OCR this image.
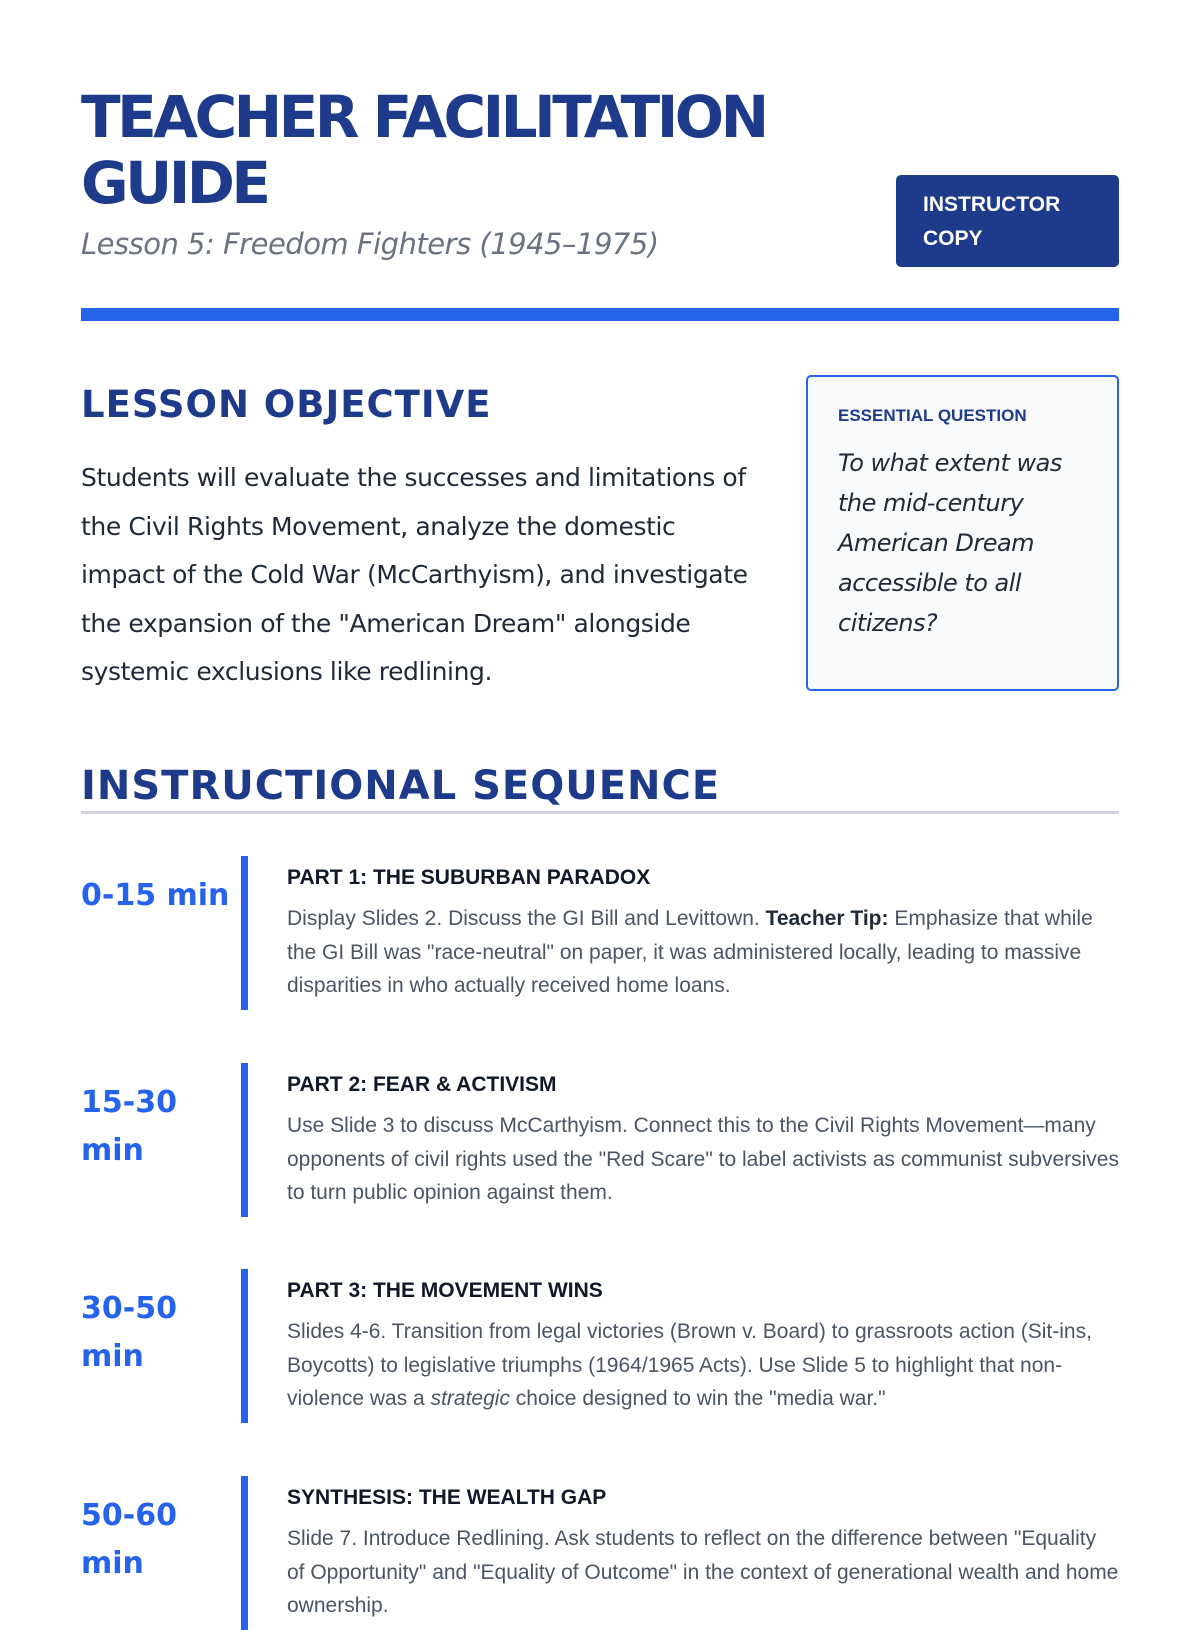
TEACHER FACILITATION GUIDE
Lesson 5: Freedom Fighters (1945–1975)
INSTRUCTOR COPY
LESSON OBJECTIVE

Students will evaluate the successes and limitations of the Civil Rights Movement, analyze the domestic impact of the Cold War (McCarthyism), and investigate the expansion of the "American Dream" alongside systemic exclusions like redlining.

ESSENTIAL QUESTION
To what extent was the mid-century American Dream accessible to all citizens?
INSTRUCTIONAL SEQUENCE
0-15 min
PART 1: THE SUBURBAN PARADOX

Display Slides 2. Discuss the GI Bill and Levittown. Teacher Tip: Emphasize that while the GI Bill was "race-neutral" on paper, it was administered locally, leading to massive disparities in who actually received home loans.

15-30 min
PART 2: FEAR & ACTIVISM

Use Slide 3 to discuss McCarthyism. Connect this to the Civil Rights Movement—many opponents of civil rights used the "Red Scare" to label activists as communist subversives to turn public opinion against them.

30-50 min
PART 3: THE MOVEMENT WINS

Slides 4-6. Transition from legal victories (Brown v. Board) to grassroots action (Sit-ins, Boycotts) to legislative triumphs (1964/1965 Acts). Use Slide 5 to highlight that non-violence was a strategic choice designed to win the "media war."

50-60 min
SYNTHESIS: THE WEALTH GAP

Slide 7. Introduce Redlining. Ask students to reflect on the difference between "Equality of Opportunity" and "Equality of Outcome" in the context of generational wealth and home ownership.
